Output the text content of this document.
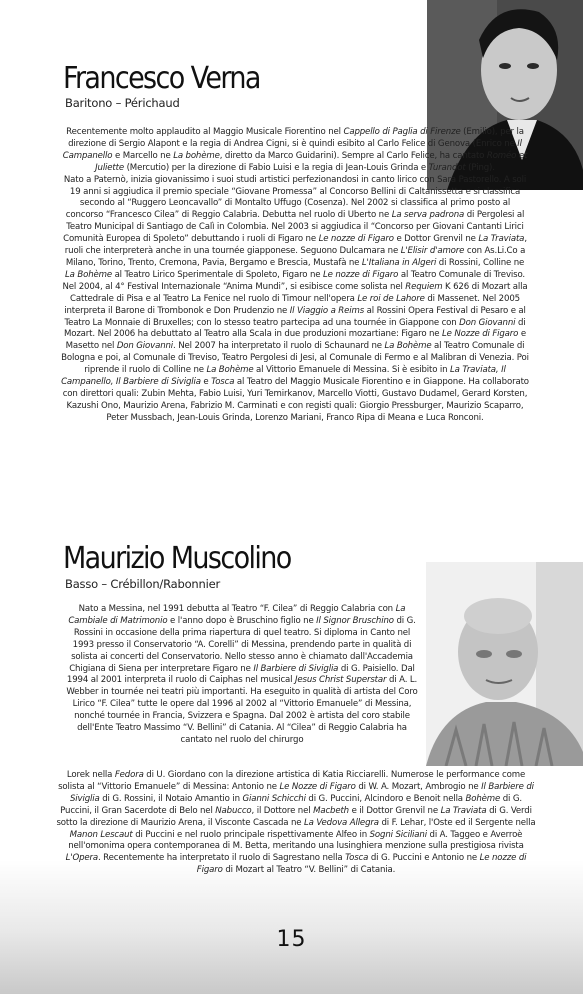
Francesco Verna
Baritono – Périchaud

Recentemente molto applaudito al Maggio Musicale Fiorentino nel Cappello di Paglia di Firenze (Emilio), per la direzione di Sergio Alapont e la regia di Andrea Cigni, si è quindi esibito al Carlo Felice di Genova (Enrico ne Il Campanello e Marcello ne La bohème, diretto da Marco Guidarini). Sempre al Carlo Felice, ha cantato Roméo et Juliette (Mercutio) per la direzione di Fabio Luisi e la regia di Jean-Louis Grinda e Turandot (Ping).

Nato a Paternò, inizia giovanissimo i suoi studi artistici perfezionandosi in canto lirico con Sara Pastorello. A soli 19 anni si aggiudica il premio speciale “Giovane Promessa” al Concorso Bellini di Caltanissetta e si classifica secondo al “Ruggero Leoncavallo” di Montalto Uffugo (Cosenza). Nel 2002 si classifica al primo posto al concorso “Francesco Cilea” di Reggio Calabria. Debutta nel ruolo di Uberto ne La serva padrona di Pergolesi al Teatro Municipal di Santiago de Calì in Colombia. Nel 2003 si aggiudica il “Concorso per Giovani Cantanti Lirici Comunità Europea di Spoleto” debuttando i ruoli di Figaro ne Le nozze di Figaro e Dottor Grenvil ne La Traviata, ruoli che interpreterà anche in una tournée giapponese. Seguono Dulcamara ne L'Elisir d'amore con As.Li.Co a Milano, Torino, Trento, Cremona, Pavia, Bergamo e Brescia, Mustafà ne L'Italiana in Algeri di Rossini, Colline ne La Bohème al Teatro Lirico Sperimentale di Spoleto, Figaro ne Le nozze di Figaro al Teatro Comunale di Treviso.

Nel 2004, al 4° Festival Internazionale “Anima Mundi”, si esibisce come solista nel Requiem K 626 di Mozart alla Cattedrale di Pisa e al Teatro La Fenice nel ruolo di Timour nell'opera Le roi de Lahore di Massenet. Nel 2005 interpreta il Barone di Trombonok e Don Prudenzio ne Il Viaggio a Reims al Rossini Opera Festival di Pesaro e al Teatro La Monnaie di Bruxelles; con lo stesso teatro partecipa ad una tournée in Giappone con Don Giovanni di Mozart. Nel 2006 ha debuttato al Teatro alla Scala in due produzioni mozartiane: Figaro ne Le Nozze di Figaro e Masetto nel Don Giovanni. Nel 2007 ha interpretato il ruolo di Schaunard ne La Bohème al Teatro Comunale di Bologna e poi, al Comunale di Treviso, Teatro Pergolesi di Jesi, al Comunale di Fermo e al Malibran di Venezia. Poi riprende il ruolo di Colline ne La Bohème al Vittorio Emanuele di Messina. Si è esibito in La Traviata, Il Campanello, Il Barbiere di Siviglia e Tosca al Teatro del Maggio Musicale Fiorentino e in Giappone. Ha collaborato con direttori quali: Zubin Mehta, Fabio Luisi, Yuri Temirkanov, Marcello Viotti, Gustavo Dudamel, Gerard Korsten, Kazushi Ono, Maurizio Arena, Fabrizio M. Carminati e con registi quali: Giorgio Pressburger, Maurizio Scaparro, Peter Mussbach, Jean-Louis Grinda, Lorenzo Mariani, Franco Ripa di Meana e Luca Ronconi.

Maurizio Muscolino
Basso – Crébillon/Rabonnier

Nato a Messina, nel 1991 debutta al Teatro “F. Cilea” di Reggio Calabria con La Cambiale di Matrimonio e l'anno dopo è Bruschino figlio ne Il Signor Bruschino di G. Rossini in occasione della prima riapertura di quel teatro. Si diploma in Canto nel 1993 presso il Conservatorio “A. Corelli” di Messina, prendendo parte in qualità di solista ai concerti del Conservatorio. Nello stesso anno è chiamato dall'Accademia Chigiana di Siena per interpretare Figaro ne Il Barbiere di Siviglia di G. Paisiello. Dal 1994 al 2001 interpreta il ruolo di Caiphas nel musical Jesus Christ Superstar di A. L. Webber in tournée nei teatri più importanti. Ha eseguito in qualità di artista del Coro Lirico “F. Cilea” tutte le opere dal 1996 al 2002 al “Vittorio Emanuele” di Messina, nonché tournée in Francia, Svizzera e Spagna. Dal 2002 è artista del coro stabile dell'Ente Teatro Massimo “V. Bellini” di Catania. Al “Cilea” di Reggio Calabria ha cantato nel ruolo del chirurgo

Lorek nella Fedora di U. Giordano con la direzione artistica di Katia Ricciarelli. Numerose le performance come solista al “Vittorio Emanuele” di Messina: Antonio ne Le Nozze di Figaro di W. A. Mozart, Ambrogio ne Il Barbiere di Siviglia di G. Rossini, il Notaio Amantio in Gianni Schicchi di G. Puccini, Alcindoro e Benoit nella Bohème di G. Puccini, il Gran Sacerdote di Belo nel Nabucco, il Dottore nel Macbeth e il Dottor Grenvil ne La Traviata di G. Verdi sotto la direzione di Maurizio Arena, il Visconte Cascada ne La Vedova Allegra di F. Lehar, l'Oste ed il Sergente nella Manon Lescaut di Puccini e nel ruolo principale rispettivamente Alfeo in Sogni Siciliani di A. Taggeo e Averroè nell'omonima opera contemporanea di M. Betta, meritando una lusinghiera menzione sulla prestigiosa rivista L'Opera. Recentemente ha interpretato il ruolo di Sagrestano nella Tosca di G. Puccini e Antonio ne Le nozze di Figaro di Mozart al Teatro “V. Bellini” di Catania.

15
